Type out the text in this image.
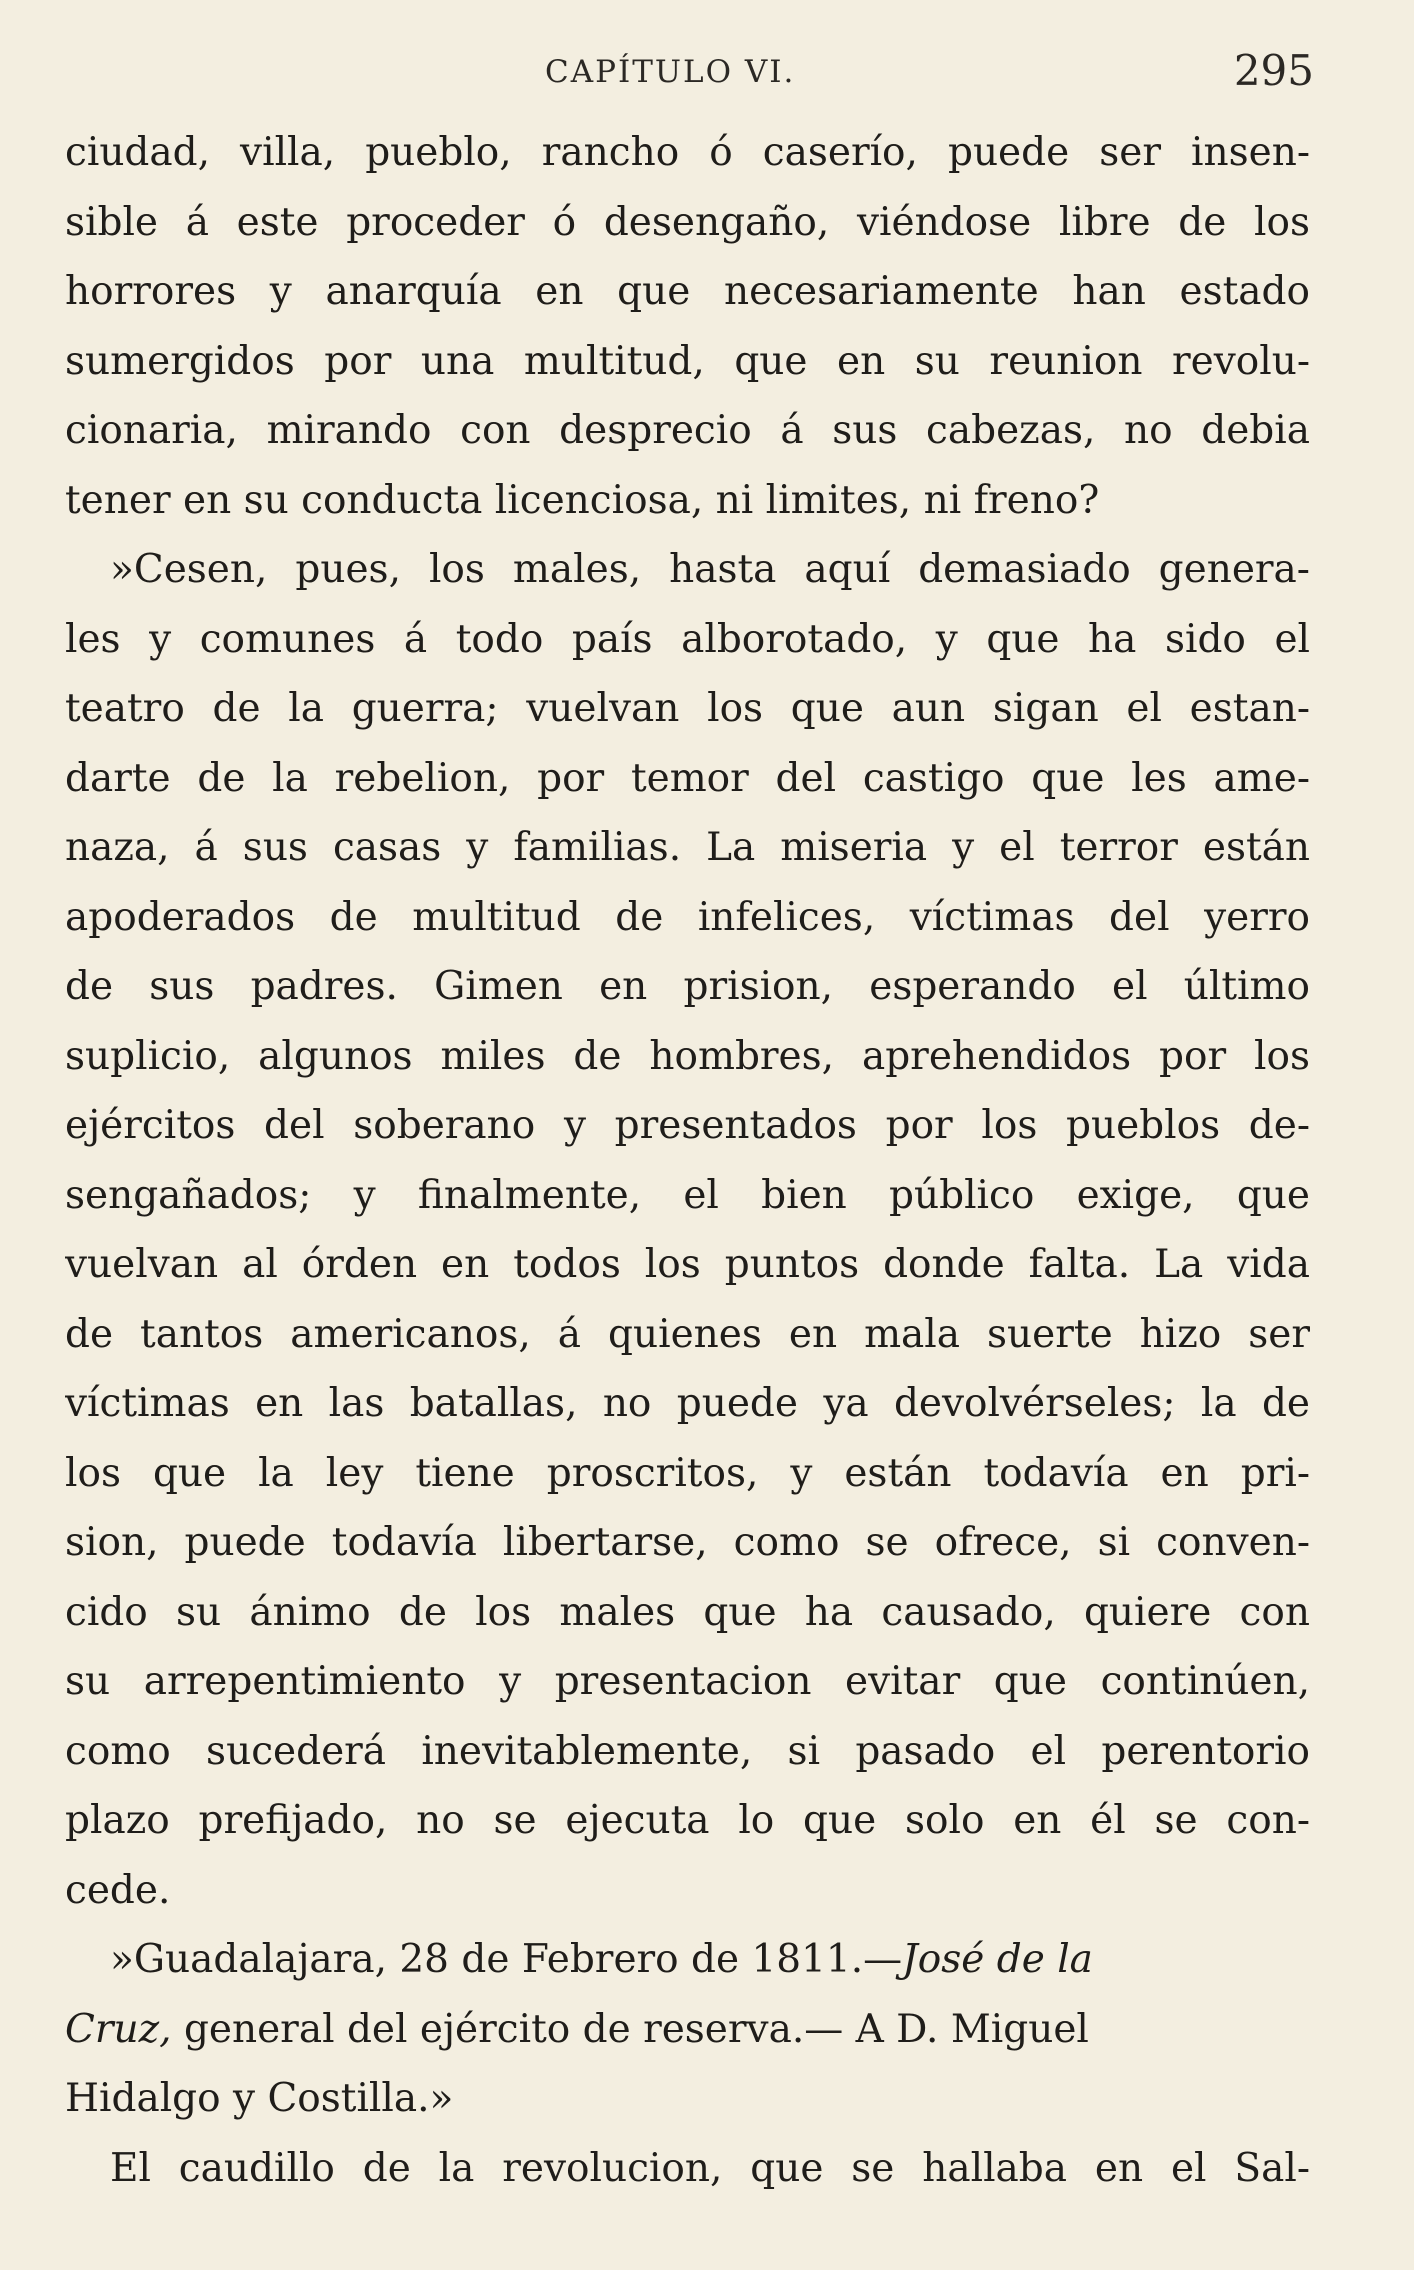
CAPÍTULO VI.	295
ciudad, villa, pueblo, rancho ó caserío, puede ser insen-
sible á este proceder ó desengaño, viéndose libre de los
horrores y anarquía en que necesariamente han estado
sumergidos por una multitud, que en su reunion revolu-
cionaria, mirando con desprecio á sus cabezas, no debia
tener en su conducta licenciosa, ni limites, ni freno?
»Cesen, pues, los males, hasta aquí demasiado genera-
les y comunes á todo país alborotado, y que ha sido el
teatro de la guerra; vuelvan los que aun sigan el estan-
darte de la rebelion, por temor del castigo que les ame-
naza, á sus casas y familias. La miseria y el terror están
apoderados de multitud de infelices, víctimas del yerro
de sus padres. Gimen en prision, esperando el último
suplicio, algunos miles de hombres, aprehendidos por los
ejércitos del soberano y presentados por los pueblos de-
sengañados; y finalmente, el bien público exige, que
vuelvan al órden en todos los puntos donde falta. La vida
de tantos americanos, á quienes en mala suerte hizo ser
víctimas en las batallas, no puede ya devolvérseles; la de
los que la ley tiene proscritos, y están todavía en pri-
sion, puede todavía libertarse, como se ofrece, si conven-
cido su ánimo de los males que ha causado, quiere con
su arrepentimiento y presentacion evitar que continúen,
como sucederá inevitablemente, si pasado el perentorio
plazo prefijado, no se ejecuta lo que solo en él se con-
cede.
»Guadalajara, 28 de Febrero de 1811.—José de la
Cruz, general del ejército de reserva.— A D. Miguel
Hidalgo y Costilla.»
El caudillo de la revolucion, que se hallaba en el Sal-
